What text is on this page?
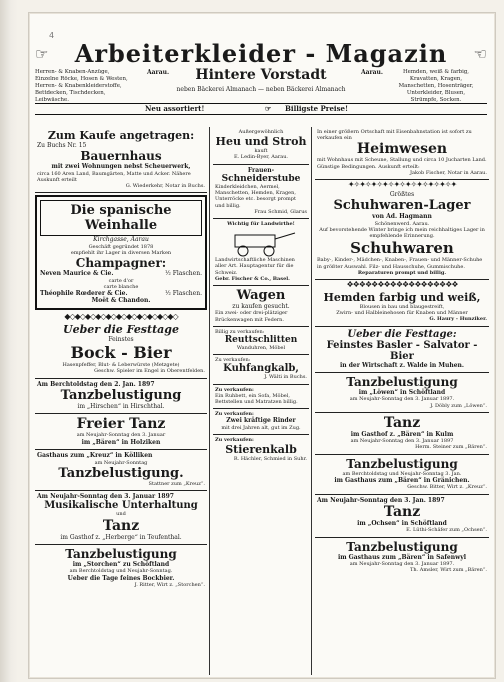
4
☞	Arbeiterkleider - Magazin	☜
Herren- & Knaben-Anzüge,
Einzelne Röcke, Hosen & Westen,
Herren- & Knabenkleiderstoffe,
Bettdecken, Tischdecken,
Leibwäsche.
Aarau.	Hintere Vorstadt
neben Bäckerei Almanach — neben Bäckerei Almanach
Aarau.	Hemden, weiß & farbig,
Kravatten, Kragen,
Manschetten, Hosenträger,
Unterkleider, Blusen,
Strümpfe, Socken.
Neu assortiert!	☞ Billigste Preise!
Zum Kaufe angetragen:
Zu Buchs Nr. 15
Bauernhaus
mit zwei Wohnungen nebst Scheuerwerk,
circa 160 Aren Land, Baumgärten, Matte und Acker. Nähere Auskunft erteilt
G. Wiederkehr, Notar in Buchs.
Die spanische Weinhalle
Kirchgasse, Aarau
Geschäft gegründet 1878
empfiehlt ihr Lager in diversen Marken
Champagner:
Neven Maurice & Cie.	½ Flaschen.
carte d'or
carte blanche
Théophile Rœderer & Cie.	½ Flaschen.
Moët & Chandon.
◆◇◆◇◆◇◆◇◆◇◆◇◆◇◆◇◆◇◆◇◆◇
Ueber die Festtage
Feinstes
Bock - Bier
Hasenpfeffer, Blut- & Leberwürste (Metzgete)
Geschw. Spieler im Engel in Oberentfelden.
Am Berchtoldstag den 2. Jan. 1897
Tanzbelustigung
im „Hirschen“ in Hirschthal.
Freier Tanz
am Neujahr-Sonntag den 3. Januar
im „Bären“ in Holziken
Gasthaus zum „Kreuz“ in Kölliken
am Neujahr-Sonntag
Tanzbelustigung.
Stattner zum „Kreuz“.
Am Neujahr-Sonntag den 3. Januar 1897
Musikalische Unterhaltung
und
Tanz
im Gasthof z. „Herberge“ in Teufenthal.
Tanzbelustigung
im „Storchen“ zu Schöftland
am Berchtoldstag und Neujahr-Sonntag.
Ueber die Tage feines Bockbier.
J. Ritter, Wirt z. „Storchen“.
Außergewöhnlich
Heu und Stroh
kauft
E. Ledin-Byer, Aarau.
Frauen-
Schneiderstube
Kinderkleidchen, Aermel, Manschetten, Hemden, Kragen, Unterröcke etc. besorgt prompt und billig.
Frau Schmid, Glarus
Wichtig für Landwirthe!
Landwirtschaftliche Maschinen aller Art. Hauptagentur für die Schweiz.
Gebr. Fischer & Co., Basel.
Wagen
zu kaufen gesucht.
Ein zwei- oder drei-plätziger Brückenwagen mit Federn.
Billig zu verkaufen:
Reuttschlitten
Wanduhren, Möbel
Zu verkaufen:
Kuhfangkalb,
J. Wälti in Buchs.
Zu verkaufen:
Ein Ruhbett, ein Sofa, Möbel, Bettstellen und Matratzen billig.
Zu verkaufen:
Zwei kräftige Rinder
mit drei Jahren alt, gut im Zug.
Zu verkaufen:
Stierenkalb
R. Hächler, Schmied in Suhr.
In einer größern Ortschaft mit Eisenbahnstation ist sofort zu verkaufen ein
Heimwesen
mit Wohnhaus mit Scheune, Stallung und circa 10 Jucharten Land. Günstige Bedingungen. Auskunft erteilt:
Jakob Fischer, Notar in Aarau.
✦✧✦✧✦✧✦✧✦✧✦✧✦✧✦✧✦✧✦
Größtes
Schuhwaren-Lager
von Ad. Hagmann
Schönenwerd. Aarau.
Auf bevorstehende Winter bringe ich mein reichhaltiges Lager in empfehlende Erinnerung.
Schuhwaren
Baby-, Kinder-, Mädchen-, Knaben-, Frauen- und Männer-Schuhe in größter Auswahl. Filz- und Hausschuhe, Gummischuhe.
Reparaturen prompt und billig.
❖❖❖❖❖❖❖❖❖❖❖❖❖❖❖❖❖❖
Hemden farbig und weiß,
Blousen in bau und blaugestreift,
Zwirn- und Halbleinehosen für Knaben und Männer
G. Haury - Hunziker.
Ueber die Festtage:
Feinstes Basler - Salvator - Bier
in der Wirtschaft z. Walde in Muhen.
Tanzbelustigung
im „Löwen“ in Schöftland
am Neujahr-Sonntag den 3. Januar 1897.
J. Döbly zum „Löwen“.
Tanz
im Gasthof z. „Bären“ in Kulm
am Neujahr-Sonntag den 3. Januar 1897
Herm. Steiner zum „Bären“.
Tanzbelustigung
am Berchtoldstag und Neujahr-Sonntag 3. Jan.
im Gasthaus zum „Bären“ in Gränichen.
Geschw. Bitter, Wirt z. „Kreuz“.
Am Neujahr-Sonntag den 3. Jan. 1897
Tanz
im „Ochsen“ in Schöftland
E. Lüthi-Schäfer zum „Ochsen“.
Tanzbelustigung
im Gasthaus zum „Bären“ in Safenwyl
am Neujahr-Sonntag den 3. Januar 1897.
Th. Amsler, Wirt zum „Bären“.
